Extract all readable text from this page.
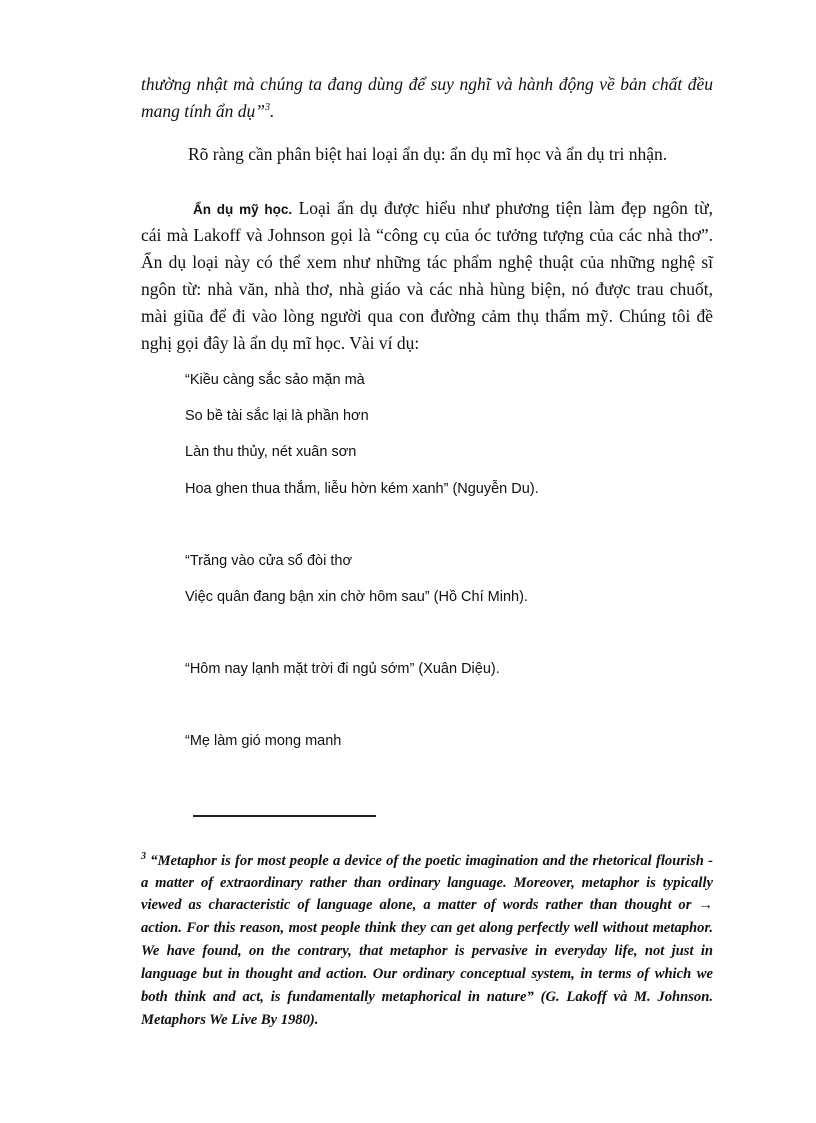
thường nhật mà chúng ta đang dùng để suy nghĩ và hành động về bản chất đều
mang tính ẩn dụ”$^3$.
Rõ ràng cần phân biệt hai loại ẩn dụ: ẩn dụ mĩ học và ẩn dụ tri nhận.
Ẩn dụ mỹ học. Loại ẩn dụ được hiểu như phương tiện làm đẹp ngôn từ,
cái mà Lakoff và Johnson gọi là “công cụ của óc tưởng tượng của các nhà thơ”.
Ẩn dụ loại này có thể xem như những tác phẩm nghệ thuật của những nghệ sĩ
ngôn từ: nhà văn, nhà thơ, nhà giáo và các nhà hùng biện, nó được trau chuốt,
mài giũa để đi vào lòng người qua con đường cảm thụ thẩm mỹ. Chúng tôi đề
nghị gọi đây là ẩn dụ mĩ học. Vài ví dụ:
“Kiều càng sắc sảo mặn mà
So bề tài sắc lại là phần hơn
Làn thu thủy, nét xuân sơn
Hoa ghen thua thắm, liễu hờn kém xanh” (Nguyễn Du).
“Trăng vào cửa sổ đòi thơ
Việc quân đang bận xin chờ hôm sau” (Hồ Chí Minh).
“Hôm nay lạnh mặt trời đi ngủ sớm” (Xuân Diệu).
“Mẹ làm gió mong manh
$^3$ “Metaphor is for most people a device of the poetic imagination and the rhetorical flourish -
a matter of extraordinary rather than ordinary language. Moreover, metaphor is typically
viewed as characteristic of language alone, a matter of words rather than thought or →
action. For this reason, most people think they can get along perfectly well without metaphor.
We have found, on the contrary, that metaphor is pervasive in everyday life, not just in
language but in thought and action. Our ordinary conceptual system, in terms of which we
both think and act, is fundamentally metaphorical in nature” (G. Lakoff và M. Johnson.
Metaphors We Live By 1980).
